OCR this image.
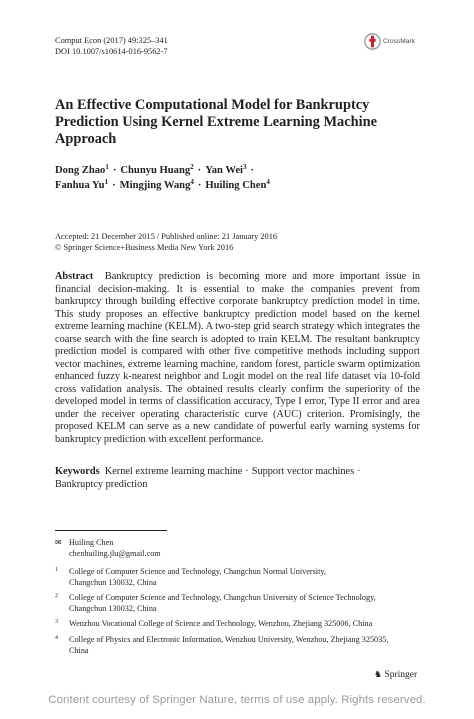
Comput Econ (2017) 49:325–341
DOI 10.1007/s10614-016-9562-7
CrossMark
An Effective Computational Model for Bankruptcy Prediction Using Kernel Extreme Learning Machine Approach
Dong Zhao$^1$ · Chunyu Huang$^2$ · Yan Wei$^3$ ·
Fanhua $Yu^1$ · Mingjing Wang$^4$ · Huiling Chen$^4$
Accepted: 21 December 2015 / Published online: 21 January 2016
© Springer Science+Business Media New York 2016

Abstract Bankruptcy prediction is becoming more and more important issue in financial decision-making. It is essential to make the companies prevent from bankruptcy through building effective corporate bankruptcy prediction model in time. This study proposes an effective bankruptcy prediction model based on the kernel extreme learning machine (KELM). A two-step grid search strategy which integrates the coarse search with the fine search is adopted to train KELM. The resultant bankruptcy prediction model is compared with other five competitive methods including support vector machines, extreme learning machine, random forest, particle swarm optimization enhanced fuzzy k-nearest neighbor and Logit model on the real life dataset via 10-fold cross validation analysis. The obtained results clearly confirm the superiority of the developed model in terms of classification accuracy, Type I error, Type II error and area under the receiver operating characteristic curve (AUC) criterion. Promisingly, the proposed KELM can serve as a new candidate of powerful early warning systems for bankruptcy prediction with excellent performance.

Keywords Kernel extreme learning machine · Support vector machines ·
Bankruptcy prediction

✉ Huiling Chen
chenhuiling.jlu@gmail.com
1 College of Computer Science and Technology, Changchun Normal University,
Changchun 130032, China
2 College of Computer Science and Technology, Changchun University of Science Technology,
Changchun 130032, China
3 Wenzhou Vocational College of Science and Technology, Wenzhou, Zhejiang 325006, China
4 College of Physics and Electronic Information, Wenzhou University, Wenzhou, Zhejiang 325035,
China
♞ Springer
Content courtesy of Springer Nature, terms of use apply. Rights reserved.
